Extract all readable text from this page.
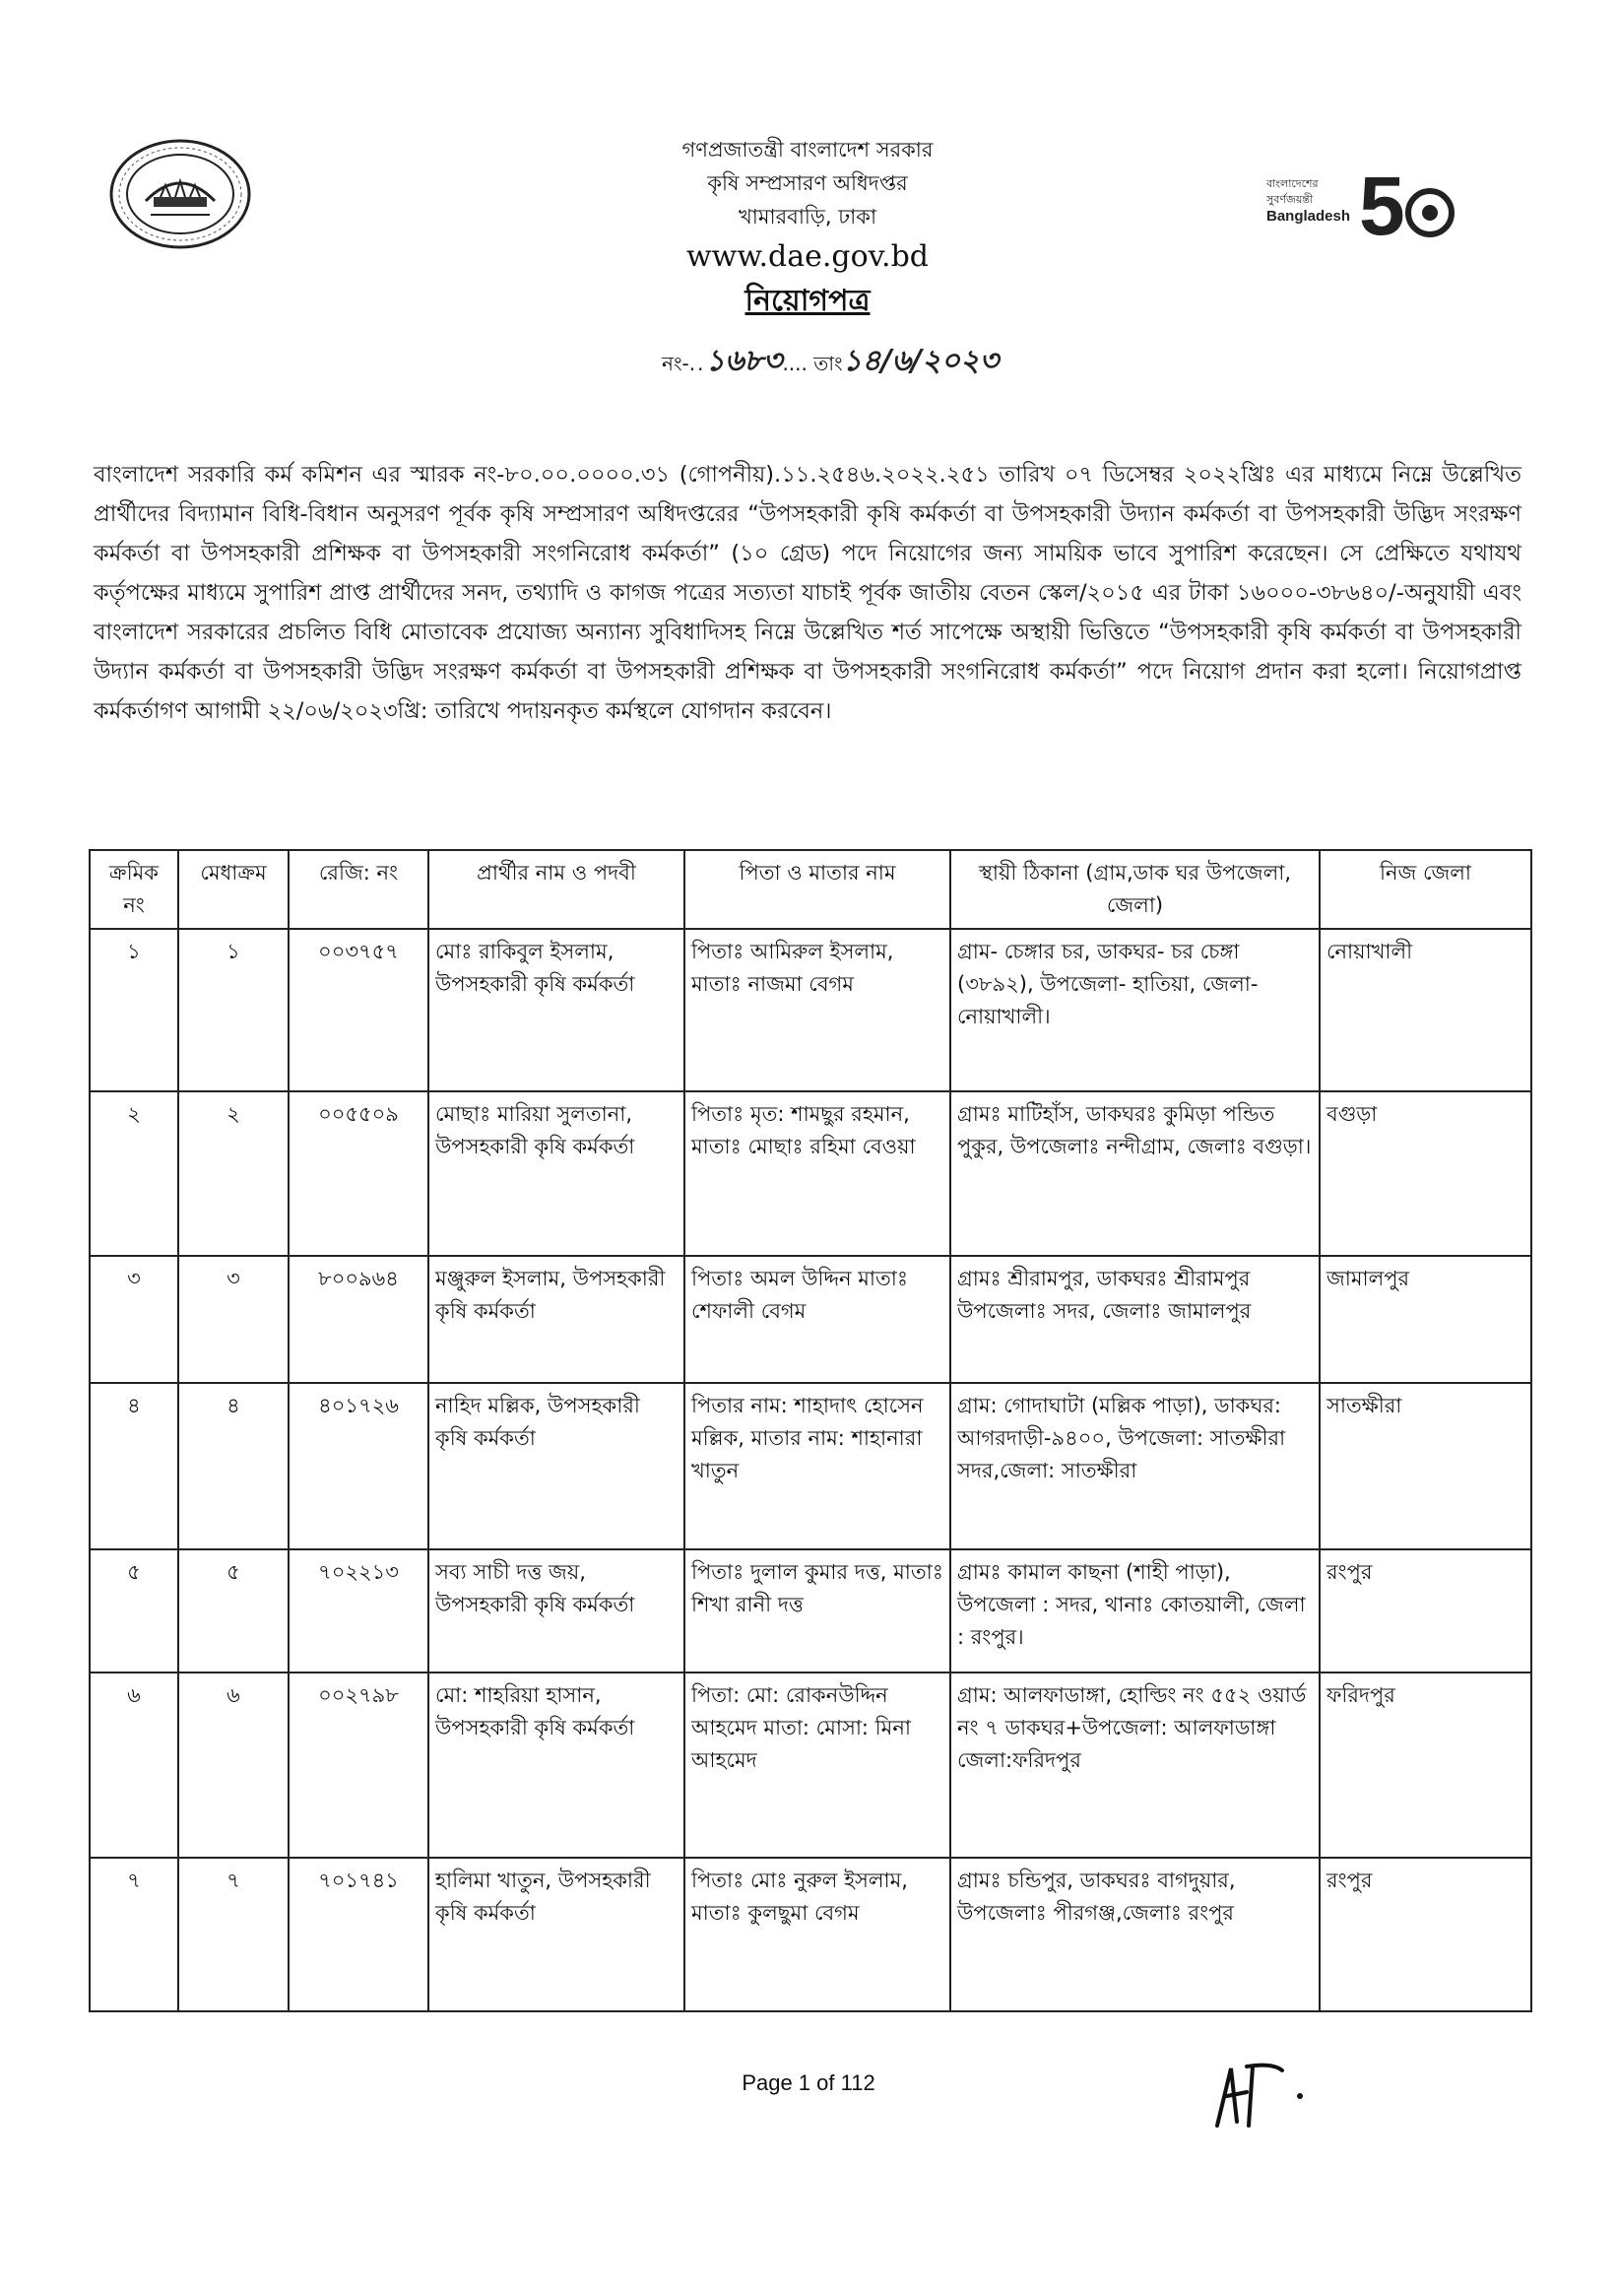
বাংলাদেশের
সুবর্ণজয়ন্তী
Bangladesh 5
গণপ্রজাতন্ত্রী বাংলাদেশ সরকার
কৃষি সম্প্রসারণ অধিদপ্তর
খামারবাড়ি, ঢাকা
www.dae.gov.bd
নিয়োগপত্র
নং-..১৬৮৩.... তাং১৪/৬/২০২৩
বাংলাদেশ সরকারি কর্ম কমিশন এর স্মারক নং-৮০.০০.০০০০.৩১ (গোপনীয়).১১.২৫৪৬.২০২২.২৫১ তারিখ ০৭ ডিসেম্বর ২০২২খ্রিঃ এর মাধ্যমে নিম্নে উল্লেখিত প্রার্থীদের বিদ্যামান বিধি-বিধান অনুসরণ পূর্বক কৃষি সম্প্রসারণ অধিদপ্তরের “উপসহকারী কৃষি কর্মকর্তা বা উপসহকারী উদ্যান কর্মকর্তা বা উপসহকারী উদ্ভিদ সংরক্ষণ কর্মকর্তা বা উপসহকারী প্রশিক্ষক বা উপসহকারী সংগনিরোধ কর্মকর্তা” (১০ গ্রেড) পদে নিয়োগের জন্য সাময়িক ভাবে সুপারিশ করেছেন। সে প্রেক্ষিতে যথাযথ কর্তৃপক্ষের মাধ্যমে সুপারিশ প্রাপ্ত প্রার্থীদের সনদ, তথ্যাদি ও কাগজ পত্রের সত্যতা যাচাই পূর্বক জাতীয় বেতন স্কেল/২০১৫ এর টাকা ১৬০০০-৩৮৬৪০/-অনুযায়ী এবং বাংলাদেশ সরকারের প্রচলিত বিধি মোতাবেক প্রযোজ্য অন্যান্য সুবিধাদিসহ নিম্নে উল্লেখিত শর্ত সাপেক্ষে অস্থায়ী ভিত্তিতে “উপসহকারী কৃষি কর্মকর্তা বা উপসহকারী উদ্যান কর্মকর্তা বা উপসহকারী উদ্ভিদ সংরক্ষণ কর্মকর্তা বা উপসহকারী প্রশিক্ষক বা উপসহকারী সংগনিরোধ কর্মকর্তা” পদে নিয়োগ প্রদান করা হলো। নিয়োগপ্রাপ্ত কর্মকর্তাগণ আগামী ২২/০৬/২০২৩খ্রি: তারিখে পদায়নকৃত কর্মস্থলে যোগদান করবেন।
ক্রমিক নং	মেধাক্রম	রেজি: নং	প্রার্থীর নাম ও পদবী	পিতা ও মাতার নাম	স্থায়ী ঠিকানা (গ্রাম,ডাক ঘর উপজেলা, জেলা)	নিজ জেলা
১	১	০০৩৭৫৭	মোঃ রাকিবুল ইসলাম, উপসহকারী কৃষি কর্মকর্তা	পিতাঃ আমিরুল ইসলাম, মাতাঃ নাজমা বেগম	গ্রাম- চেঙ্গার চর, ডাকঘর- চর চেঙ্গা (৩৮৯২), উপজেলা- হাতিয়া, জেলা- নোয়াখালী।	নোয়াখালী
২	২	০০৫৫০৯	মোছাঃ মারিয়া সুলতানা, উপসহকারী কৃষি কর্মকর্তা	পিতাঃ মৃত: শামছুর রহমান, মাতাঃ মোছাঃ রহিমা বেওয়া	গ্রামঃ মাটিহাঁস, ডাকঘরঃ কুমিড়া পন্ডিত পুকুর, উপজেলাঃ নন্দীগ্রাম, জেলাঃ বগুড়া।	বগুড়া
৩	৩	৮০০৯৬৪	মঞ্জুরুল ইসলাম, উপসহকারী কৃষি কর্মকর্তা	পিতাঃ অমল উদ্দিন মাতাঃ শেফালী বেগম	গ্রামঃ শ্রীরামপুর, ডাকঘরঃ শ্রীরামপুর উপজেলাঃ সদর, জেলাঃ জামালপুর	জামালপুর
৪	৪	৪০১৭২৬	নাহিদ মল্লিক, উপসহকারী কৃষি কর্মকর্তা	পিতার নাম: শাহাদাৎ হোসেন মল্লিক, মাতার নাম: শাহানারা খাতুন	গ্রাম: গোদাঘাটা (মল্লিক পাড়া), ডাকঘর: আগরদাড়ী-৯৪০০, উপজেলা: সাতক্ষীরা সদর,জেলা: সাতক্ষীরা	সাতক্ষীরা
৫	৫	৭০২২১৩	সব্য সাচী দত্ত জয়, উপসহকারী কৃষি কর্মকর্তা	পিতাঃ দুলাল কুমার দত্ত, মাতাঃ শিখা রানী দত্ত	গ্রামঃ কামাল কাছনা (শাহী পাড়া), উপজেলা : সদর, থানাঃ কোতয়ালী, জেলা : রংপুর।	রংপুর
৬	৬	০০২৭৯৮	মো: শাহরিয়া হাসান, উপসহকারী কৃষি কর্মকর্তা	পিতা: মো: রোকনউদ্দিন আহমেদ মাতা: মোসা: মিনা আহমেদ	গ্রাম: আলফাডাঙ্গা, হোল্ডিং নং ৫৫২ ওয়ার্ড নং ৭ ডাকঘর+উপজেলা: আলফাডাঙ্গা জেলা:ফরিদপুর	ফরিদপুর
৭	৭	৭০১৭৪১	হালিমা খাতুন, উপসহকারী কৃষি কর্মকর্তা	পিতাঃ মোঃ নুরুল ইসলাম, মাতাঃ কুলছুমা বেগম	গ্রামঃ চন্ডিপুর, ডাকঘরঃ বাগদুয়ার, উপজেলাঃ পীরগঞ্জ,জেলাঃ রংপুর	রংপুর
Page 1 of 112
